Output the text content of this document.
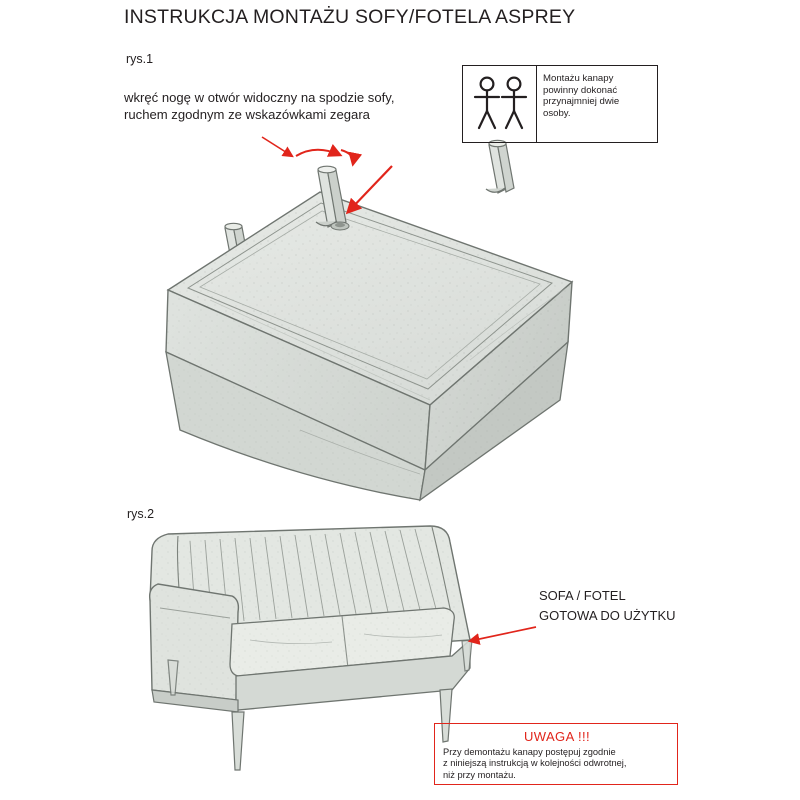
INSTRUKCJA MONTAŻU SOFY/FOTELA ASPREY
rys.1
rys.2
wkręć nogę w otwór widoczny na spodzie sofy,
ruchem zgodnym ze wskazówkami zegara
Montażu kanapy
powinny dokonać
przynajmniej dwie
osoby.
SOFA / FOTEL
GOTOWA DO UŻYTKU
UWAGA !!!
Przy demontażu kanapy postępuj zgodnie
z niniejszą instrukcją w kolejności odwrotnej,
niż przy montażu.
